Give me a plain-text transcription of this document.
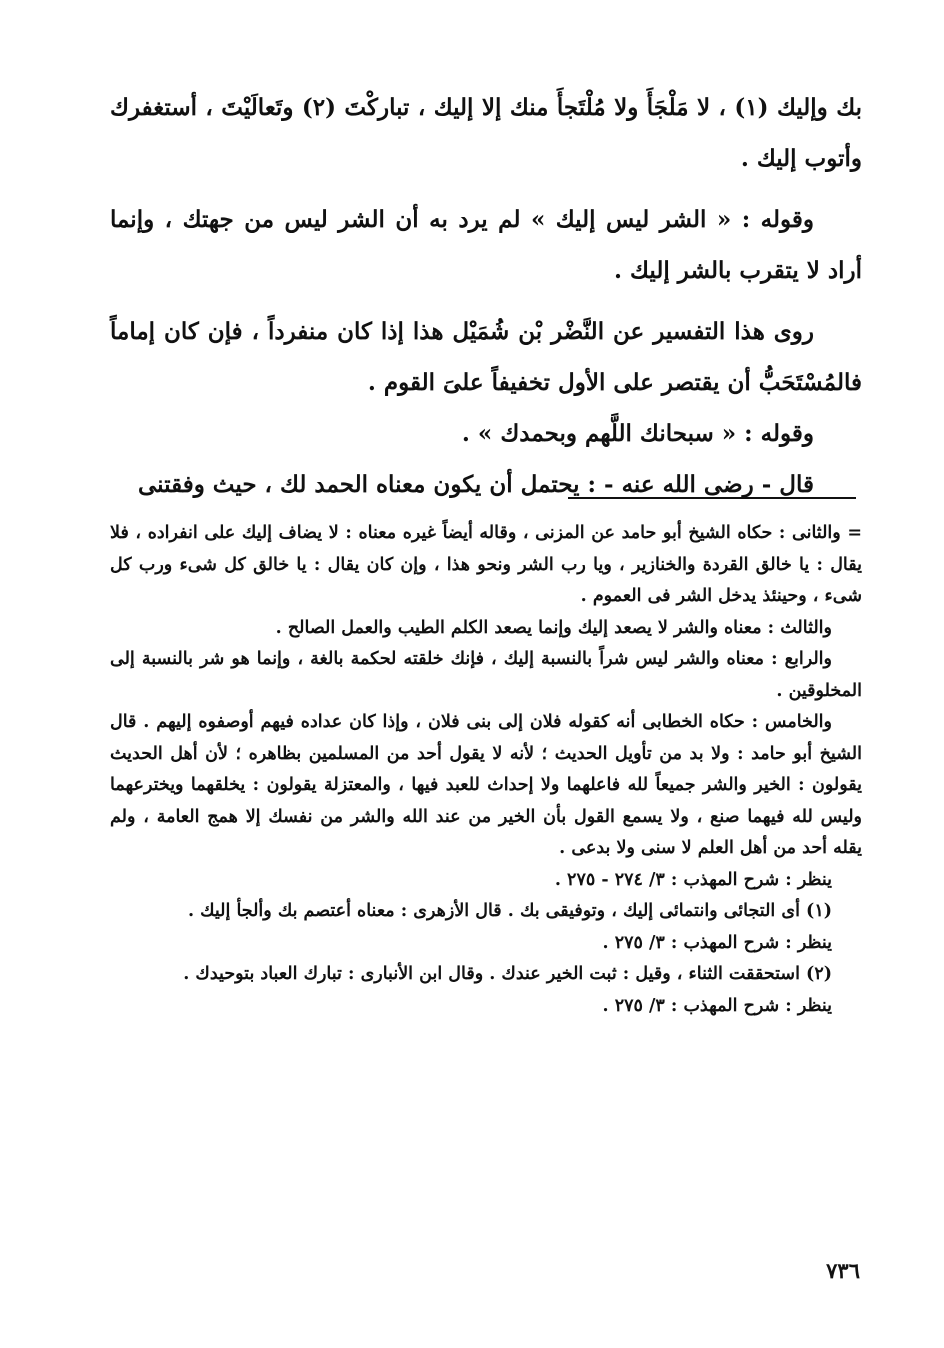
بك وإليك (١) ، لا مَلْجَأَ ولا مُلْتَجأَ منك إلا إليك ، تباركْتَ (٢) وتَعالَيْتَ ، أستغفرك وأتوب إليك .

وقوله : « الشر ليس إليك » لم يرد به أن الشر ليس من جهتك ، وإنما أراد لا يتقرب بالشر إليك .

روى هذا التفسير عن النَّضْر بْن شُمَيْل هذا إذا كان منفرداً ، فإن كان إماماً فالمُسْتَحَبُّ أن يقتصر على الأول تخفيفاً علىَ القوم .

وقوله : « سبحانك اللَّهم وبحمدك » .

قال - رضى الله عنه - : يحتمل أن يكون معناه الحمد لك ، حيث وفقتنى

= والثانى : حكاه الشيخ أبو حامد عن المزنى ، وقاله أيضاً غيره معناه : لا يضاف إليك على انفراده ، فلا يقال : يا خالق القردة والخنازير ، ويا رب الشر ونحو هذا ، وإن كان يقال : يا خالق كل شىء ورب كل شىء ، وحينئذ يدخل الشر فى العموم .

والثالث : معناه والشر لا يصعد إليك وإنما يصعد الكلم الطيب والعمل الصالح .

والرابع : معناه والشر ليس شراً بالنسبة إليك ، فإنك خلقته لحكمة بالغة ، وإنما هو شر بالنسبة إلى المخلوقين .

والخامس : حكاه الخطابى أنه كقوله فلان إلى بنى فلان ، وإذا كان عداده فيهم أوصفوه إليهم . قال الشيخ أبو حامد : ولا بد من تأويل الحديث ؛ لأنه لا يقول أحد من المسلمين بظاهره ؛ لأن أهل الحديث يقولون : الخير والشر جميعاً لله فاعلهما ولا إحداث للعبد فيها ، والمعتزلة يقولون : يخلقهما ويخترعهما وليس لله فيهما صنع ، ولا يسمع القول بأن الخير من عند الله والشر من نفسك إلا همج العامة ، ولم يقله أحد من أهل العلم لا سنى ولا بدعى .

ينظر : شرح المهذب : ٣/ ٢٧٤ - ٢٧٥ .

(١) أى التجائى وانتمائى إليك ، وتوفيقى بك . قال الأزهرى : معناه أعتصم بك وألجأ إليك .

ينظر : شرح المهذب : ٣/ ٢٧٥ .

(٢) استحققت الثناء ، وقيل : ثبت الخير عندك . وقال ابن الأنبارى : تبارك العباد بتوحيدك .

ينظر : شرح المهذب : ٣/ ٢٧٥ .

٧٣٦
